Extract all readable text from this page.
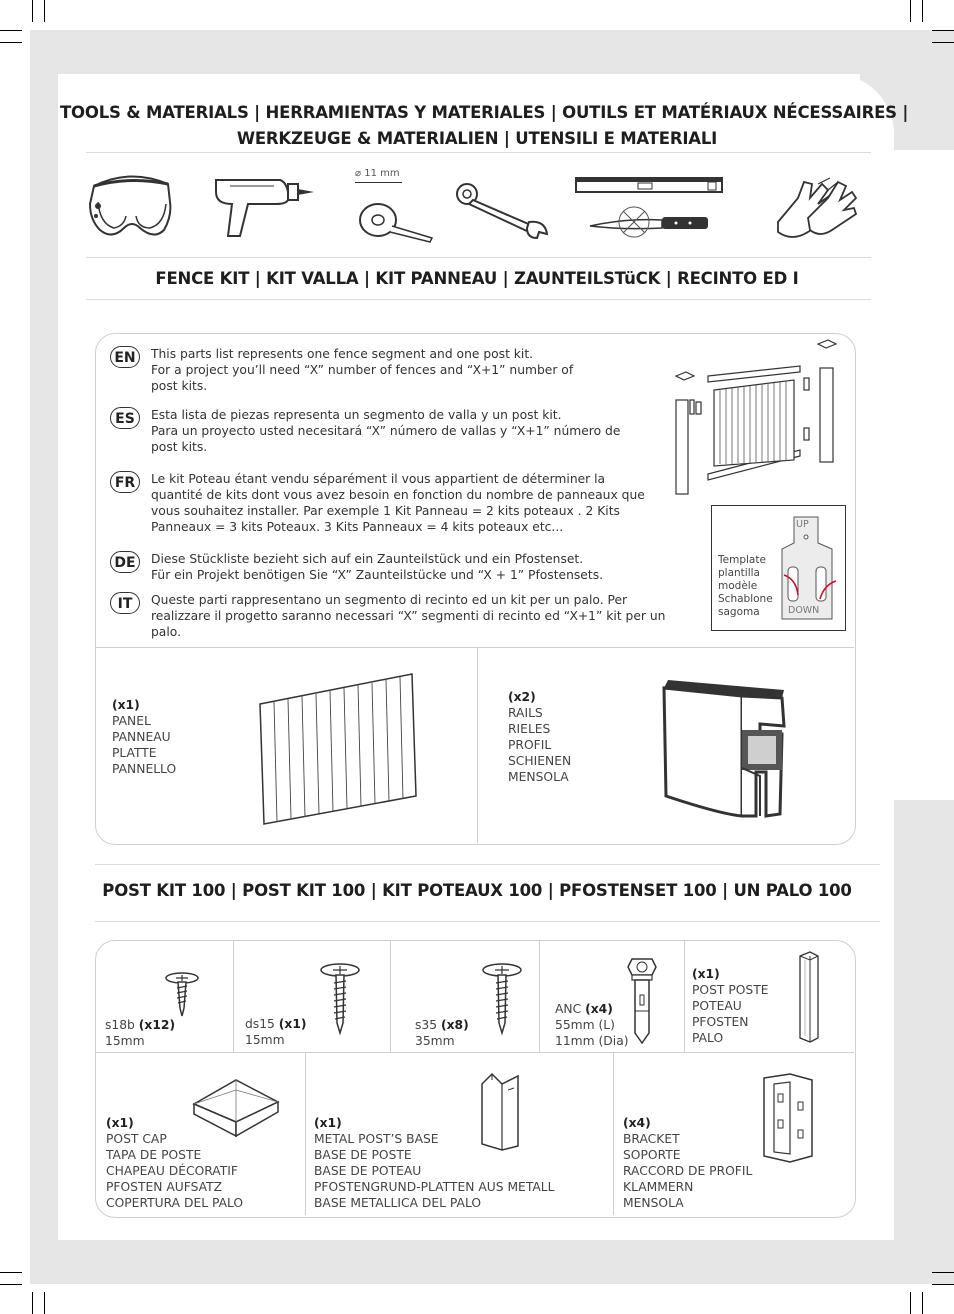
TOOLS & MATERIALS | HERRAMIENTAS Y MATERIALES | OUTILS ET MATÉRIAUX NÉCESSAIRES |
WERKZEUGE & MATERIALIEN | UTENSILI E MATERIALI
⌀ 11 mm
FENCE KIT | KIT VALLA | KIT PANNEAU | ZAUNTEILSTüCK | RECINTO ED I
EN	This parts list represents one fence segment and one post kit.
For a project you’ll need “X” number of fences and “X+1” number of
post kits.
ES	Esta lista de piezas representa un segmento de valla y un post kit.
Para un proyecto usted necesitará “X” número de vallas y “X+1” número de
post kits.
FR	Le kit Poteau étant vendu séparément il vous appartient de déterminer la
quantité de kits dont vous avez besoin en fonction du nombre de panneaux que
vous souhaitez installer. Par exemple 1 Kit Panneau = 2 kits poteaux . 2 Kits
Panneaux = 3 kits Poteaux. 3 Kits Panneaux = 4 kits poteaux etc...
DE	Diese Stückliste bezieht sich auf ein Zaunteilstück und ein Pfostenset.
Für ein Projekt benötigen Sie “X” Zaunteilstücke und “X + 1” Pfostensets.
IT	Queste parti rappresentano un segmento di recinto ed un kit per un palo. Per
realizzare il progetto saranno necessari “X” segmenti di recinto ed “X+1” kit per un
palo.
Template
plantilla
modèle
Schablone
sagoma
UP
DOWN
(x1)
PANEL
PANNEAU
PLATTE
PANNELLO
(x2)
RAILS
RIELES
PROFIL
SCHIENEN
MENSOLA
POST KIT 100 | POST KIT 100 | KIT POTEAUX 100 | PFOSTENSET 100 | UN PALO 100
s18b (x12)
15mm
ds15 (x1)
15mm
s35 (x8)
35mm
ANC (x4)
55mm (L)
11mm (Dia)
(x1)
POST POSTE
POTEAU
PFOSTEN
PALO
(x1)
POST CAP
TAPA DE POSTE
CHAPEAU DÉCORATIF
PFOSTEN AUFSATZ
COPERTURA DEL PALO
(x1)
METAL POST’S BASE
BASE DE POSTE
BASE DE POTEAU
PFOSTENGRUND-PLATTEN AUS METALL
BASE METALLICA DEL PALO
(x4)
BRACKET
SOPORTE
RACCORD DE PROFIL
KLAMMERN
MENSOLA
